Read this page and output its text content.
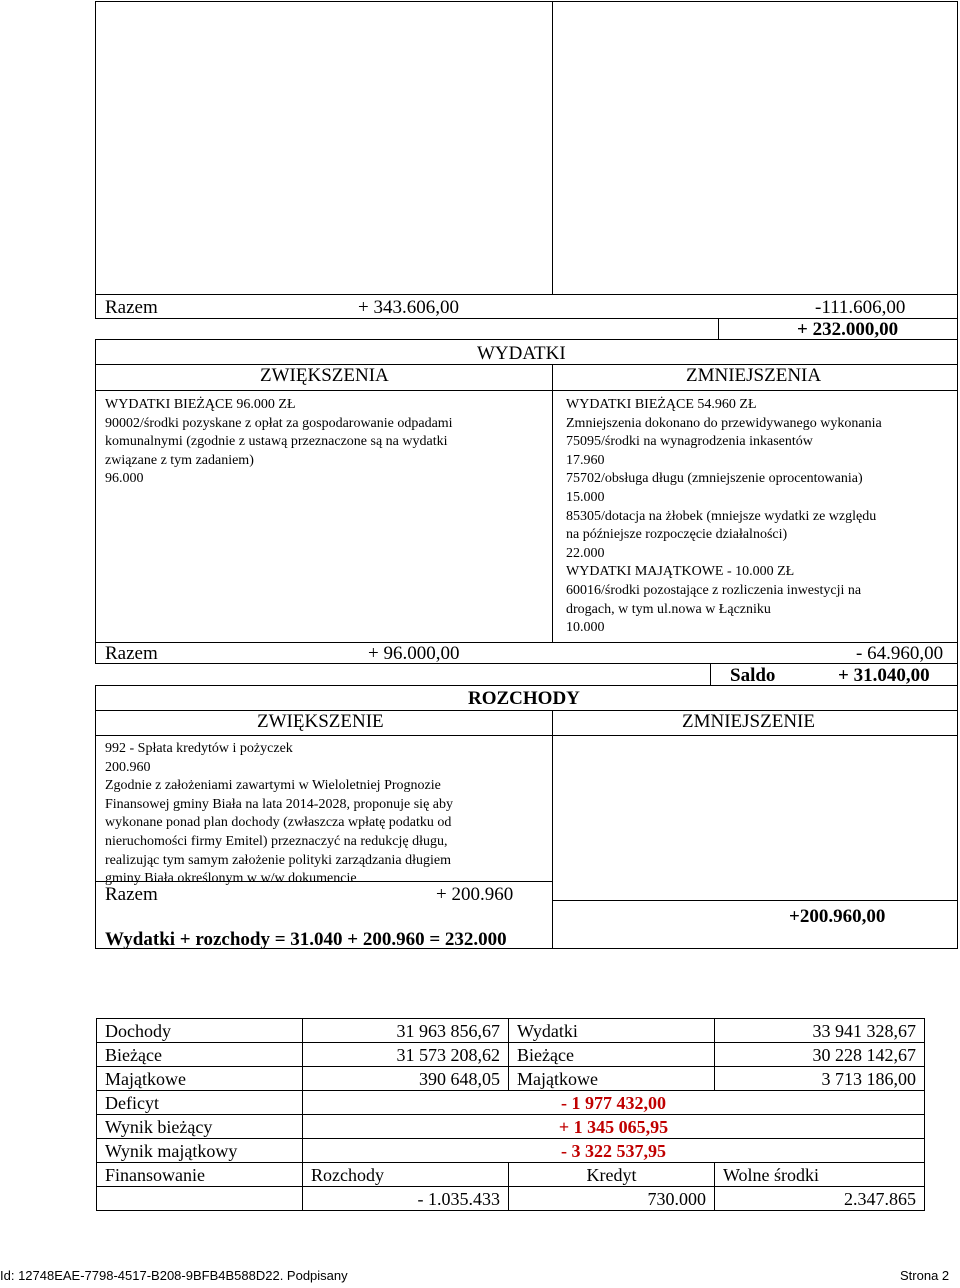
Razem	+ 343.606,00	-111.606,00
+ 232.000,00
WYDATKI
ZWIĘKSZENIA	ZMNIEJSZENIA
WYDATKI BIEŻĄCE 96.000 ZŁ
90002/środki pozyskane z opłat za gospodarowanie odpadami
komunalnymi (zgodnie z ustawą przeznaczone są na wydatki
związane z tym zadaniem)
96.000
WYDATKI BIEŻĄCE 54.960 ZŁ
Zmniejszenia dokonano do przewidywanego wykonania
75095/środki na wynagrodzenia inkasentów
17.960
75702/obsługa długu (zmniejszenie oprocentowania)
15.000
85305/dotacja na żłobek (mniejsze wydatki ze względu
na późniejsze rozpoczęcie działalności)
22.000
WYDATKI MAJĄTKOWE - 10.000 ZŁ
60016/środki pozostające z rozliczenia inwestycji na
drogach, w tym ul.nowa w Łączniku
10.000
Razem	+ 96.000,00	- 64.960,00
Saldo	+ 31.040,00
ROZCHODY
ZWIĘKSZENIE	ZMNIEJSZENIE
992 - Spłata kredytów i pożyczek
200.960
Zgodnie z założeniami zawartymi w Wieloletniej Prognozie
Finansowej gminy Biała na lata 2014-2028, proponuje się aby
wykonane ponad plan dochody (zwłaszcza wpłatę podatku od
nieruchomości firmy Emitel) przeznaczyć na redukcję długu,
realizując tym samym założenie polityki zarządzania długiem
gminy Biała określonym w w/w dokumencie
Razem	+ 200.960
+200.960,00
Wydatki + rozchody = 31.040 + 200.960 = 232.000
Dochody	31 963 856,67	Wydatki	33 941 328,67
Bieżące	31 573 208,62	Bieżące	30 228 142,67
Majątkowe	390 648,05	Majątkowe	3 713 186,00
Deficyt	- 1 977 432,00		
Wynik bieżący	+ 1 345 065,95		
Wynik majątkowy	- 3 322 537,95		
Finansowanie	Rozchody	Kredyt	Wolne środki
	- 1.035.433	730.000	2.347.865
Id: 12748EAE-7798-4517-B208-9BFB4B588D22. Podpisany	Strona 2
